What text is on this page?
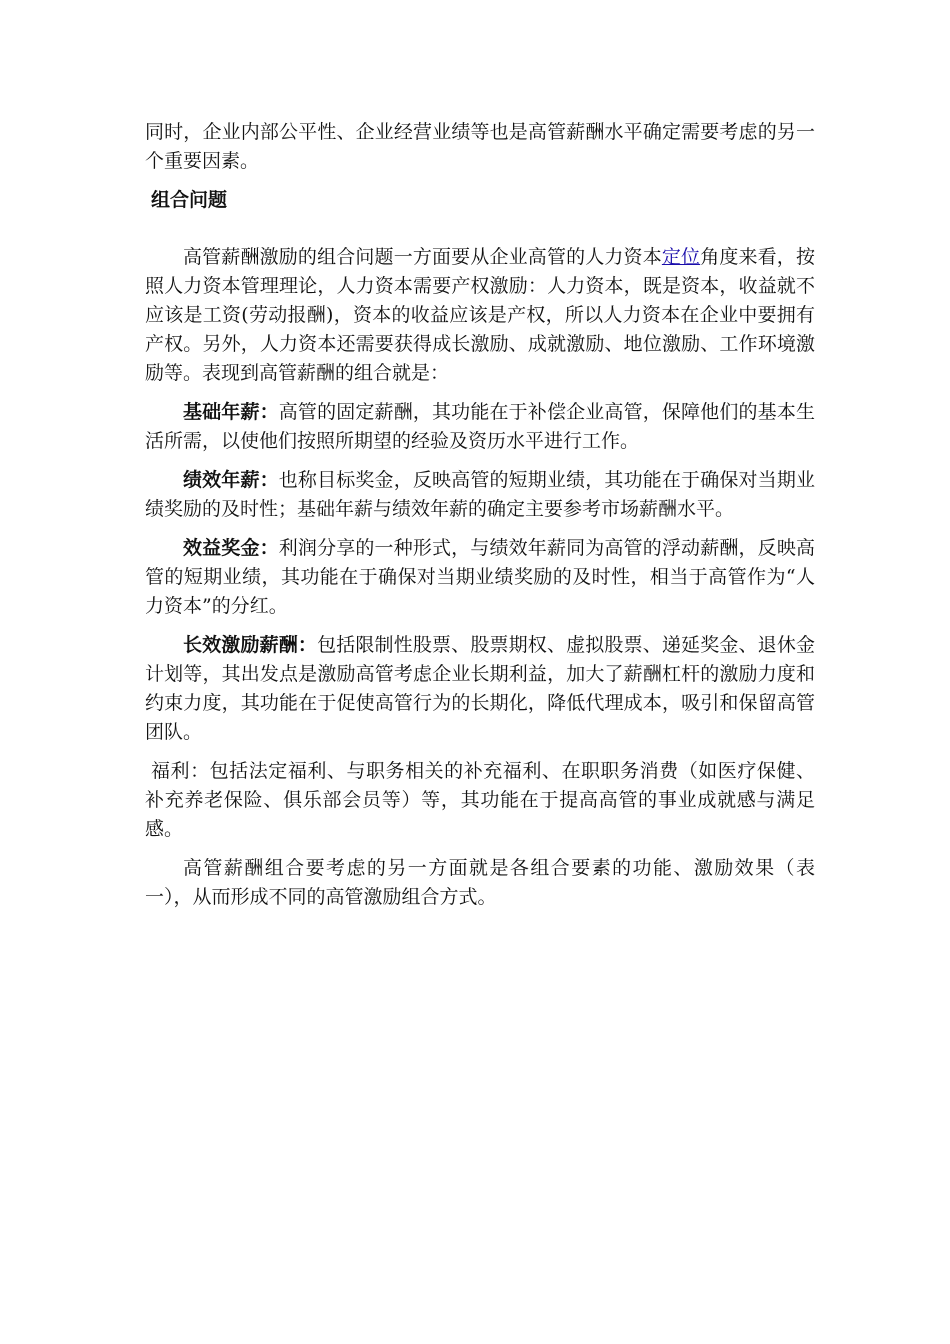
同时，企业内部公平性、企业经营业绩等也是高管薪酬水平确定需要考虑的另一个重要因素。

组合问题

高管薪酬激励的组合问题一方面要从企业高管的人力资本定位角度来看，按照人力资本管理理论，人力资本需要产权激励：人力资本，既是资本，收益就不应该是工资(劳动报酬)，资本的收益应该是产权，所以人力资本在企业中要拥有产权。另外，人力资本还需要获得成长激励、成就激励、地位激励、工作环境激励等。表现到高管薪酬的组合就是：

基础年薪：高管的固定薪酬，其功能在于补偿企业高管，保障他们的基本生活所需，以使他们按照所期望的经验及资历水平进行工作。

绩效年薪：也称目标奖金，反映高管的短期业绩，其功能在于确保对当期业绩奖励的及时性；基础年薪与绩效年薪的确定主要参考市场薪酬水平。

效益奖金：利润分享的一种形式，与绩效年薪同为高管的浮动薪酬，反映高管的短期业绩，其功能在于确保对当期业绩奖励的及时性，相当于高管作为“人力资本”的分红。

长效激励薪酬：包括限制性股票、股票期权、虚拟股票、递延奖金、退休金计划等，其出发点是激励高管考虑企业长期利益，加大了薪酬杠杆的激励力度和约束力度，其功能在于促使高管行为的长期化，降低代理成本，吸引和保留高管团队。

福利：包括法定福利、与职务相关的补充福利、在职职务消费（如医疗保健、补充养老保险、俱乐部会员等）等，其功能在于提高高管的事业成就感与满足感。

高管薪酬组合要考虑的另一方面就是各组合要素的功能、激励效果（表一），从而形成不同的高管激励组合方式。
